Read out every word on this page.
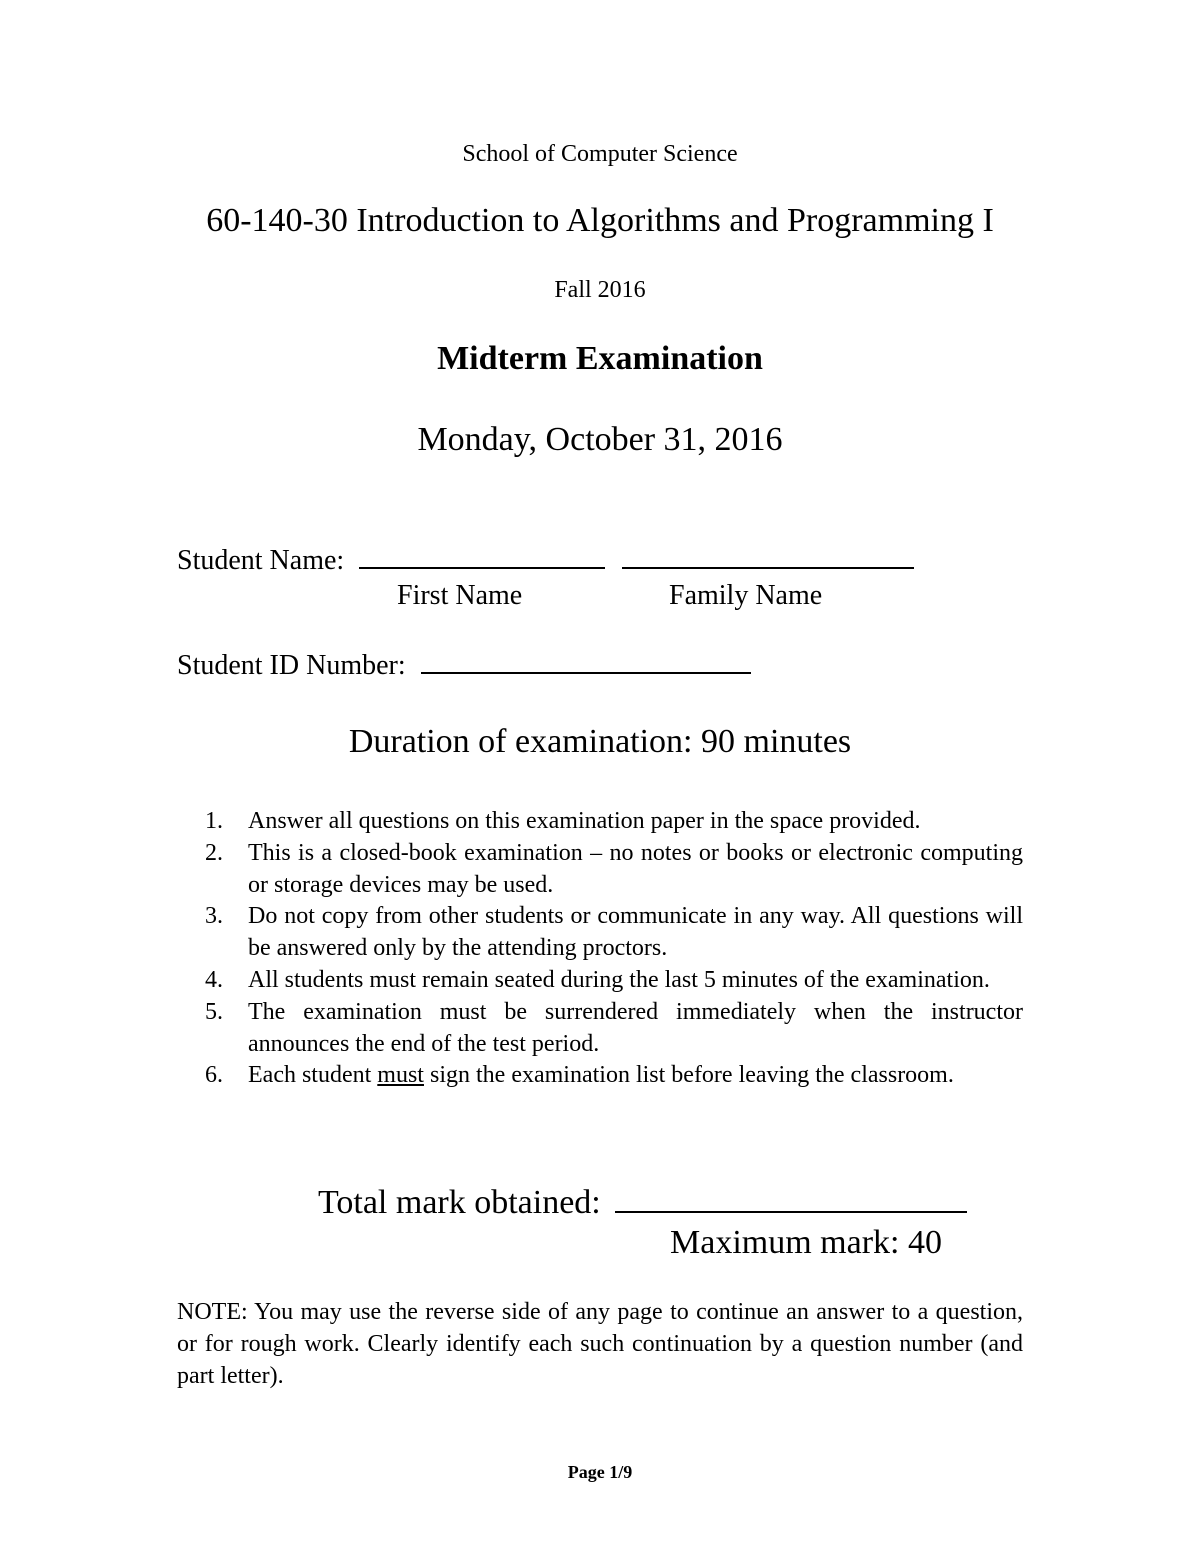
School of Computer Science
60-140-30 Introduction to Algorithms and Programming I
Fall 2016
Midterm Examination
Monday, October 31, 2016
Student Name:
First Name	Family Name
Student ID Number:
Duration of examination: 90 minutes
1. Answer all questions on this examination paper in the space provided.
2. This is a closed-book examination – no notes or books or electronic computing or storage devices may be used.
3. Do not copy from other students or communicate in any way. All questions will be answered only by the attending proctors.
4. All students must remain seated during the last 5 minutes of the examination.
5. The examination must be surrendered immediately when the instructor announces the end of the test period.
6. Each student must sign the examination list before leaving the classroom.
Total mark obtained:
Maximum mark: 40

NOTE: You may use the reverse side of any page to continue an answer to a question, or for rough work. Clearly identify each such continuation by a question number (and part letter).

Page 1/9
